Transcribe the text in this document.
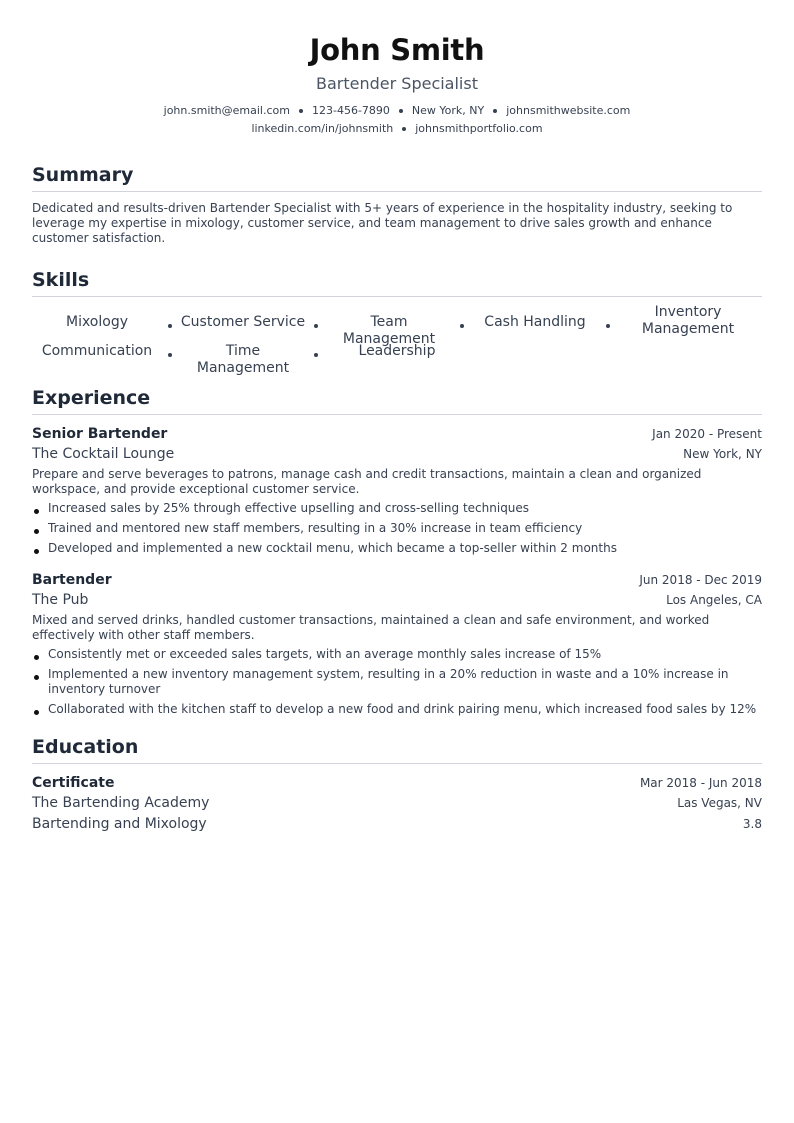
John Smith
Bartender Specialist
john.smith@email.com 123-456-7890 New York, NY johnsmithwebsite.com
linkedin.com/in/johnsmith johnsmithportfolio.com
Summary
Dedicated and results-driven Bartender Specialist with 5+ years of experience in the hospitality industry, seeking to leverage my expertise in mixology, customer service, and team management to drive sales growth and enhance customer satisfaction.
Skills
Mixology	Customer Service	Team Management
Cash Handling
Inventory Management
Communication	Time Management
Leadership
Experience
Senior Bartender	Jan 2020 - Present
The Cocktail Lounge	New York, NY
Prepare and serve beverages to patrons, manage cash and credit transactions, maintain a clean and organized workspace, and provide exceptional customer service.
Increased sales by 25% through effective upselling and cross-selling techniques
Trained and mentored new staff members, resulting in a 30% increase in team efficiency
Developed and implemented a new cocktail menu, which became a top-seller within 2 months
Bartender	Jun 2018 - Dec 2019
The Pub	Los Angeles, CA
Mixed and served drinks, handled customer transactions, maintained a clean and safe environment, and worked effectively with other staff members.
Consistently met or exceeded sales targets, with an average monthly sales increase of 15%
Implemented a new inventory management system, resulting in a 20% reduction in waste and a 10% increase in inventory turnover
Collaborated with the kitchen staff to develop a new food and drink pairing menu, which increased food sales by 12%
Education
Certificate	Mar 2018 - Jun 2018
The Bartending Academy	Las Vegas, NV
Bartending and Mixology	3.8
